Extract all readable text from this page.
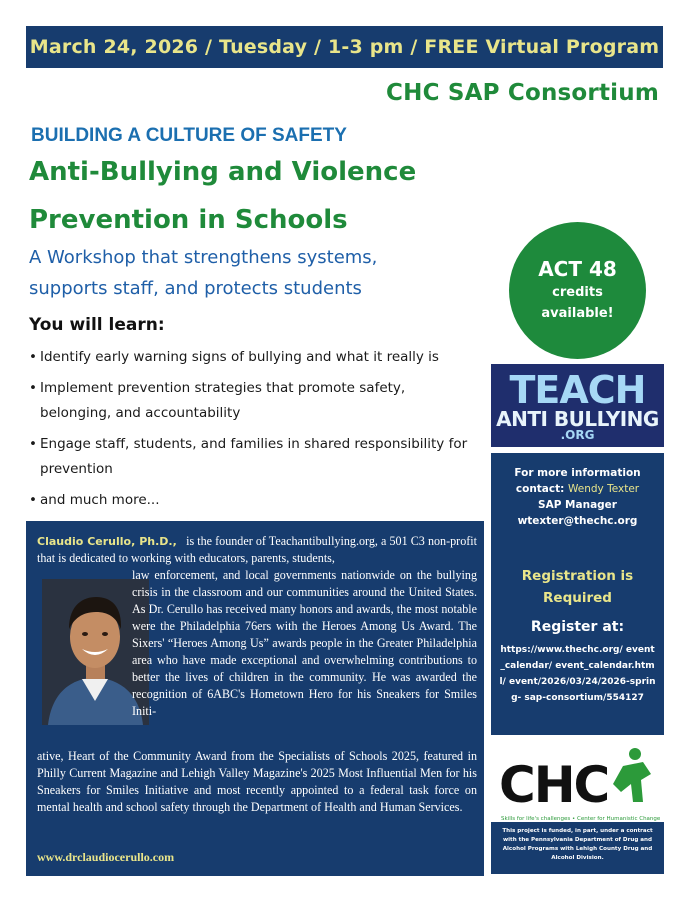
March 24, 2026 / Tuesday / 1-3 pm / FREE Virtual Program
CHC SAP Consortium
BUILDING A CULTURE OF SAFETY
Anti-Bullying and Violence
Prevention in Schools
A Workshop that strengthens systems,
supports staff, and protects students
You will learn:
• Identify early warning signs of bullying and what it really is
• Implement prevention strategies that promote safety, belonging, and accountability
• Engage staff, students, and families in shared responsibility for prevention
• and much more...
ACT 48
credits
available!
TEACH
ANTI BULLYING
.ORG
For more information
contact: Wendy Texter
SAP Manager
wtexter@thechc.org
Registration is Required
Register at:
https://www.thechc.org/ event_calendar/ event_calendar.html/ event/2026/03/24/2026-spring- sap-consortium/554127
Claudio Cerullo, Ph.D., is the founder of Teachantibullying.org, a 501 C3 non-profit that is dedicated to working with educators, parents, students,
law enforcement, and local governments nationwide on the bullying crisis in the classroom and our communities around the United States. As Dr. Cerullo has received many honors and awards, the most notable were the Philadelphia 76ers with the Heroes Among Us Award. The Sixers' “Heroes Among Us” awards people in the Greater Philadelphia area who have made exceptional and overwhelming contributions to better the lives of children in the community. He was awarded the recognition of 6ABC's Hometown Hero for his Sneakers for Smiles Initi-
ative, Heart of the Community Award from the Specialists of Schools 2025, featured in Philly Current Magazine and Lehigh Valley Magazine's 2025 Most Influential Men for his Sneakers for Smiles Initiative and most recently appointed to a federal task force on mental health and school safety through the Department of Health and Human Services.
www.drclaudiocerullo.com
CHC
Skills for life's challenges • Center for Humanistic Change, Inc.
This project is funded, in part, under a contract with the Pennsylvania Department of Drug and Alcohol Programs with Lehigh County Drug and Alcohol Division.
